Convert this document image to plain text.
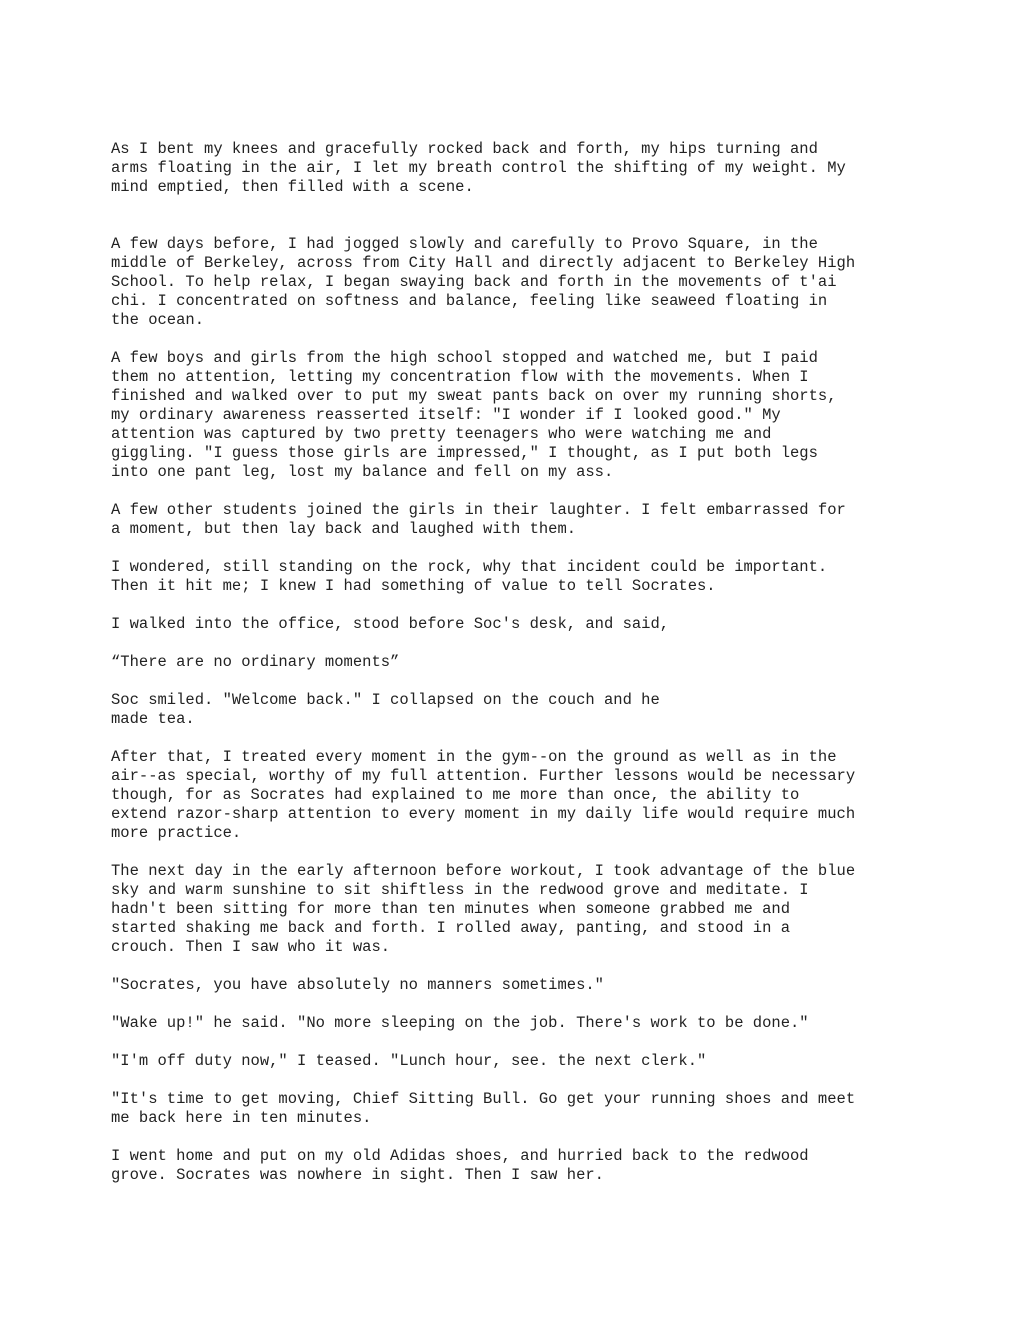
As I bent my knees and gracefully rocked back and forth, my hips turning and
arms floating in the air, I let my breath control the shifting of my weight. My
mind emptied, then filled with a scene.

A few days before, I had jogged slowly and carefully to Provo Square, in the
middle of Berkeley, across from City Hall and directly adjacent to Berkeley High
School. To help relax, I began swaying back and forth in the movements of t'ai
chi. I concentrated on softness and balance, feeling like seaweed floating in
the ocean.

A few boys and girls from the high school stopped and watched me, but I paid
them no attention, letting my concentration flow with the movements. When I
finished and walked over to put my sweat pants back on over my running shorts,
my ordinary awareness reasserted itself: "I wonder if I looked good." My
attention was captured by two pretty teenagers who were watching me and
giggling. "I guess those girls are impressed," I thought, as I put both legs
into one pant leg, lost my balance and fell on my ass.

A few other students joined the girls in their laughter. I felt embarrassed for
a moment, but then lay back and laughed with them.

I wondered, still standing on the rock, why that incident could be important.
Then it hit me; I knew I had something of value to tell Socrates.

I walked into the office, stood before Soc's desk, and said,

“There are no ordinary moments”

Soc smiled. "Welcome back." I collapsed on the couch and he
made tea.

After that, I treated every moment in the gym--on the ground as well as in the
air--as special, worthy of my full attention. Further lessons would be necessary
though, for as Socrates had explained to me more than once, the ability to
extend razor-sharp attention to every moment in my daily life would require much
more practice.

The next day in the early afternoon before workout, I took advantage of the blue
sky and warm sunshine to sit shiftless in the redwood grove and meditate. I
hadn't been sitting for more than ten minutes when someone grabbed me and
started shaking me back and forth. I rolled away, panting, and stood in a
crouch. Then I saw who it was.

"Socrates, you have absolutely no manners sometimes."

"Wake up!" he said. "No more sleeping on the job. There's work to be done."

"I'm off duty now," I teased. "Lunch hour, see. the next clerk."

"It's time to get moving, Chief Sitting Bull. Go get your running shoes and meet
me back here in ten minutes.

I went home and put on my old Adidas shoes, and hurried back to the redwood
grove. Socrates was nowhere in sight. Then I saw her.
